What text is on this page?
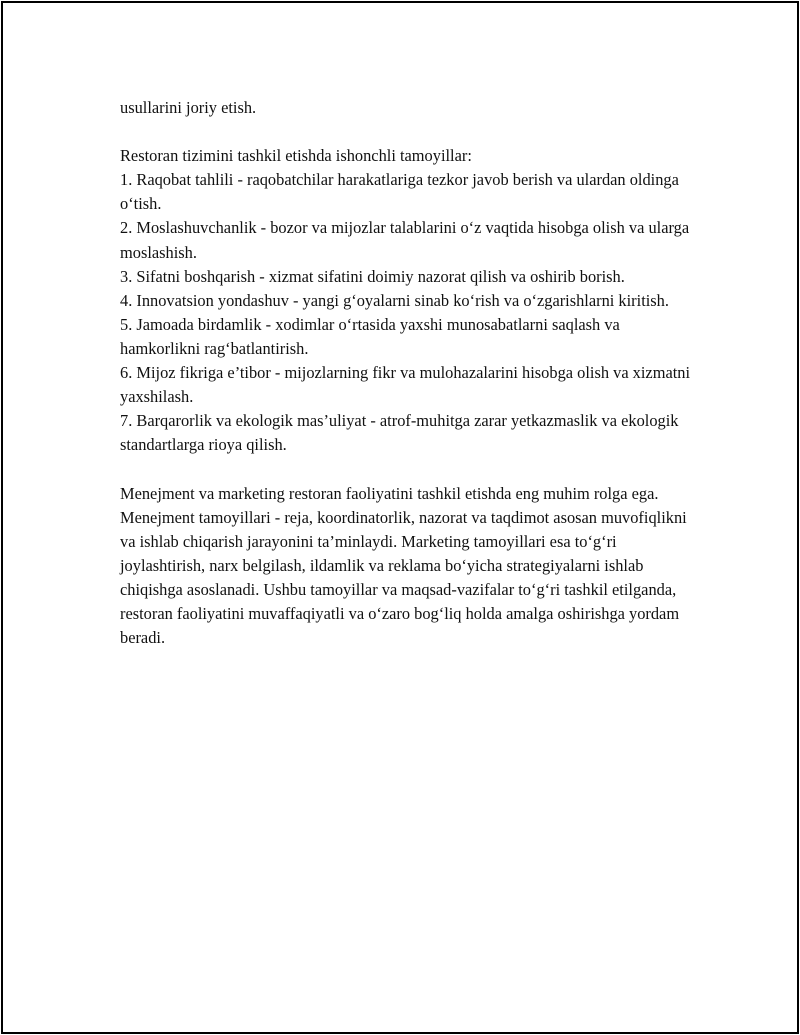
usullarini joriy etish.

Restoran tizimini tashkil etishda ishonchli tamoyillar:

1. Raqobat tahlili - raqobatchilar harakatlariga tezkor javob berish va ulardan oldinga o‘tish.
2. Moslashuvchanlik - bozor va mijozlar talablarini o‘z vaqtida hisobga olish va ularga moslashish.
3. Sifatni boshqarish - xizmat sifatini doimiy nazorat qilish va oshirib borish.
4. Innovatsion yondashuv - yangi g‘oyalarni sinab ko‘rish va o‘zgarishlarni kiritish.
5. Jamoada birdamlik - xodimlar o‘rtasida yaxshi munosabatlarni saqlash va hamkorlikni rag‘batlantirish.
6. Mijoz fikriga e’tibor - mijozlarning fikr va mulohazalarini hisobga olish va xizmatni yaxshilash.
7. Barqarorlik va ekologik mas’uliyat - atrof-muhitga zarar yetkazmaslik va ekologik standartlarga rioya qilish.

Menejment va marketing restoran faoliyatini tashkil etishda eng muhim rolga ega. Menejment tamoyillari - reja, koordinatorlik, nazorat va taqdimot asosan muvofiqlikni va ishlab chiqarish jarayonini ta’minlaydi. Marketing tamoyillari esa to‘g‘ri joylashtirish, narx belgilash, ildamlik va reklama bo‘yicha strategiyalarni ishlab chiqishga asoslanadi. Ushbu tamoyillar va maqsad-vazifalar to‘g‘ri tashkil etilganda, restoran faoliyatini muvaffaqiyatli va o‘zaro bog‘liq holda amalga oshirishga yordam beradi.
